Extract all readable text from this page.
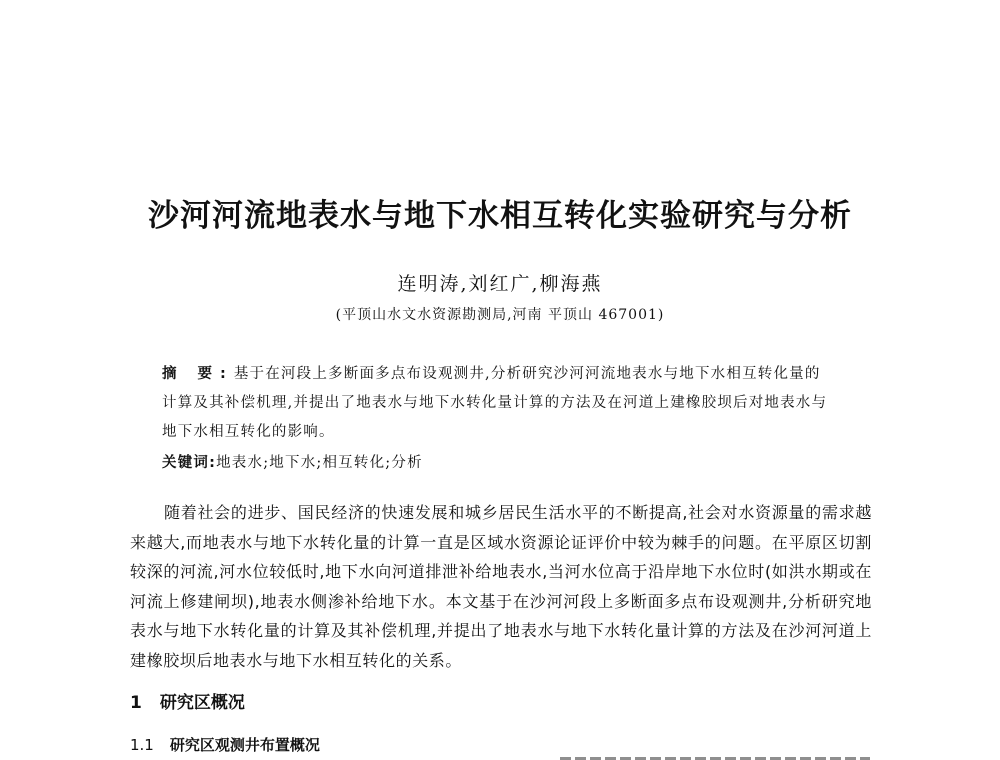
沙河河流地表水与地下水相互转化实验研究与分析
连明涛,刘红广,柳海燕
(平顶山水文水资源勘测局,河南 平顶山 467001)
摘 要:基于在河段上多断面多点布设观测井,分析研究沙河河流地表水与地下水相互转化量的计算及其补偿机理,并提出了地表水与地下水转化量计算的方法及在河道上建橡胶坝后对地表水与地下水相互转化的影响。
关键词:地表水;地下水;相互转化;分析

随着社会的进步、国民经济的快速发展和城乡居民生活水平的不断提高,社会对水资源量的需求越来越大,而地表水与地下水转化量的计算一直是区域水资源论证评价中较为棘手的问题。在平原区切割较深的河流,河水位较低时,地下水向河道排泄补给地表水,当河水位高于沿岸地下水位时(如洪水期或在河流上修建闸坝),地表水侧渗补给地下水。本文基于在沙河河段上多断面多点布设观测井,分析研究地表水与地下水转化量的计算及其补偿机理,并提出了地表水与地下水转化量计算的方法及在沙河河道上建橡胶坝后地表水与地下水相互转化的关系。

1 研究区概况
1.1 研究区观测井布置概况
